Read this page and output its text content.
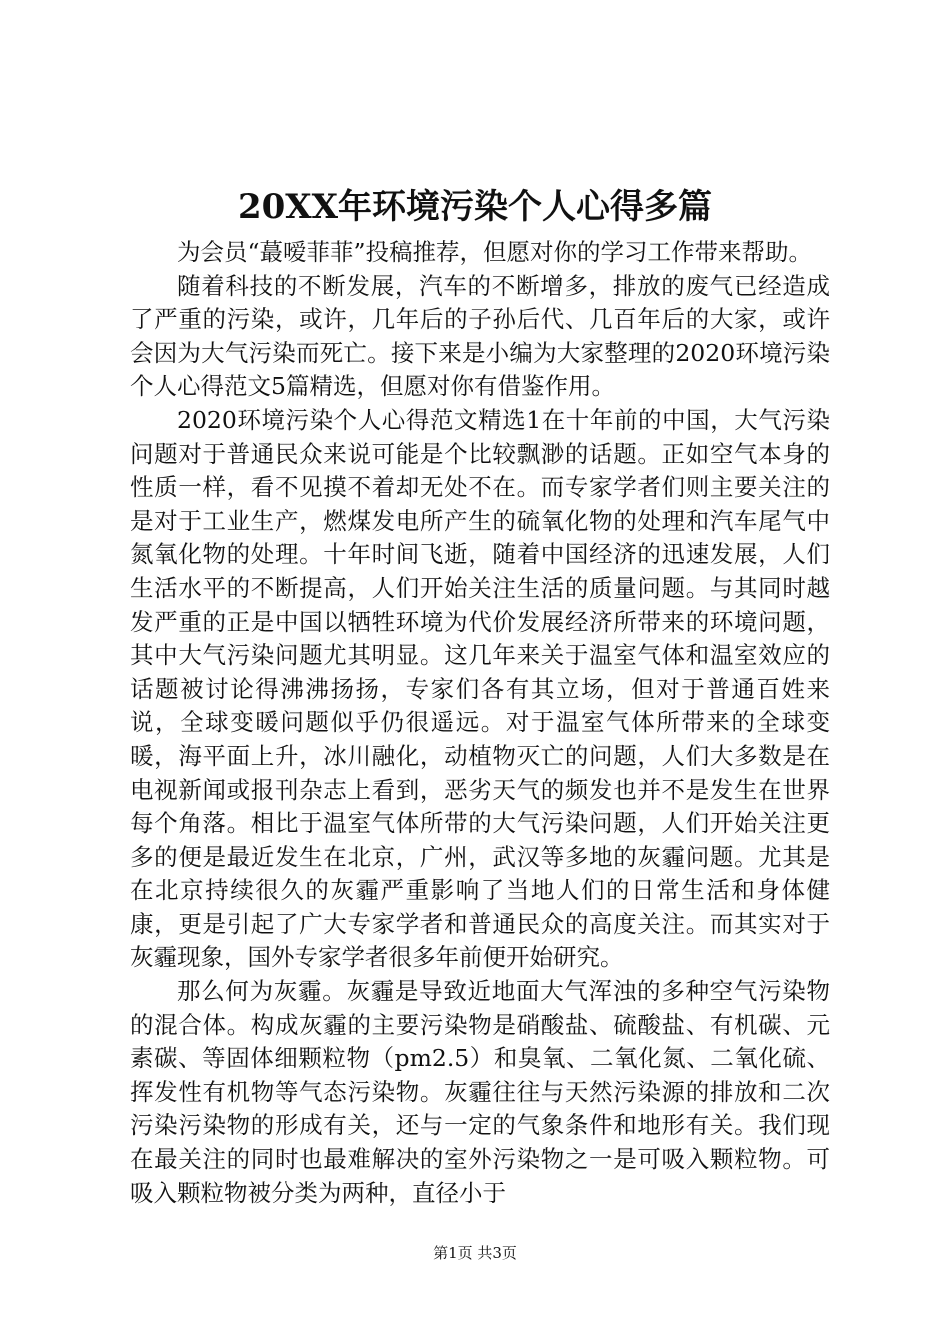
20XX年环境污染个人心得多篇

为会员“蕞嗳菲菲”投稿推荐，但愿对你的学习工作带来帮助。

随着科技的不断发展，汽车的不断增多，排放的废气已经造成了严重的污染，或许，几年后的子孙后代、几百年后的大家，或许会因为大气污染而死亡。接下来是小编为大家整理的2020环境污染个人心得范文5篇精选，但愿对你有借鉴作用。

2020环境污染个人心得范文精选1在十年前的中国，大气污染问题对于普通民众来说可能是个比较飘渺的话题。正如空气本身的性质一样，看不见摸不着却无处不在。而专家学者们则主要关注的是对于工业生产，燃煤发电所产生的硫氧化物的处理和汽车尾气中氮氧化物的处理。十年时间飞逝，随着中国经济的迅速发展，人们生活水平的不断提高，人们开始关注生活的质量问题。与其同时越发严重的正是中国以牺牲环境为代价发展经济所带来的环境问题，其中大气污染问题尤其明显。这几年来关于温室气体和温室效应的话题被讨论得沸沸扬扬，专家们各有其立场，但对于普通百姓来说，全球变暖问题似乎仍很遥远。对于温室气体所带来的全球变暖，海平面上升，冰川融化，动植物灭亡的问题，人们大多数是在电视新闻或报刊杂志上看到，恶劣天气的频发也并不是发生在世界每个角落。相比于温室气体所带的大气污染问题，人们开始关注更多的便是最近发生在北京，广州，武汉等多地的灰霾问题。尤其是在北京持续很久的灰霾严重影响了当地人们的日常生活和身体健康，更是引起了广大专家学者和普通民众的高度关注。而其实对于灰霾现象，国外专家学者很多年前便开始研究。

那么何为灰霾。灰霾是导致近地面大气浑浊的多种空气污染物的混合体。构成灰霾的主要污染物是硝酸盐、硫酸盐、有机碳、元素碳、等固体细颗粒物（pm2.5）和臭氧、二氧化氮、二氧化硫、挥发性有机物等气态污染物。灰霾往往与天然污染源的排放和二次污染污染物的形成有关，还与一定的气象条件和地形有关。我们现在最关注的同时也最难解决的室外污染物之一是可吸入颗粒物。可吸入颗粒物被分类为两种，直径小于

第1页 共3页
